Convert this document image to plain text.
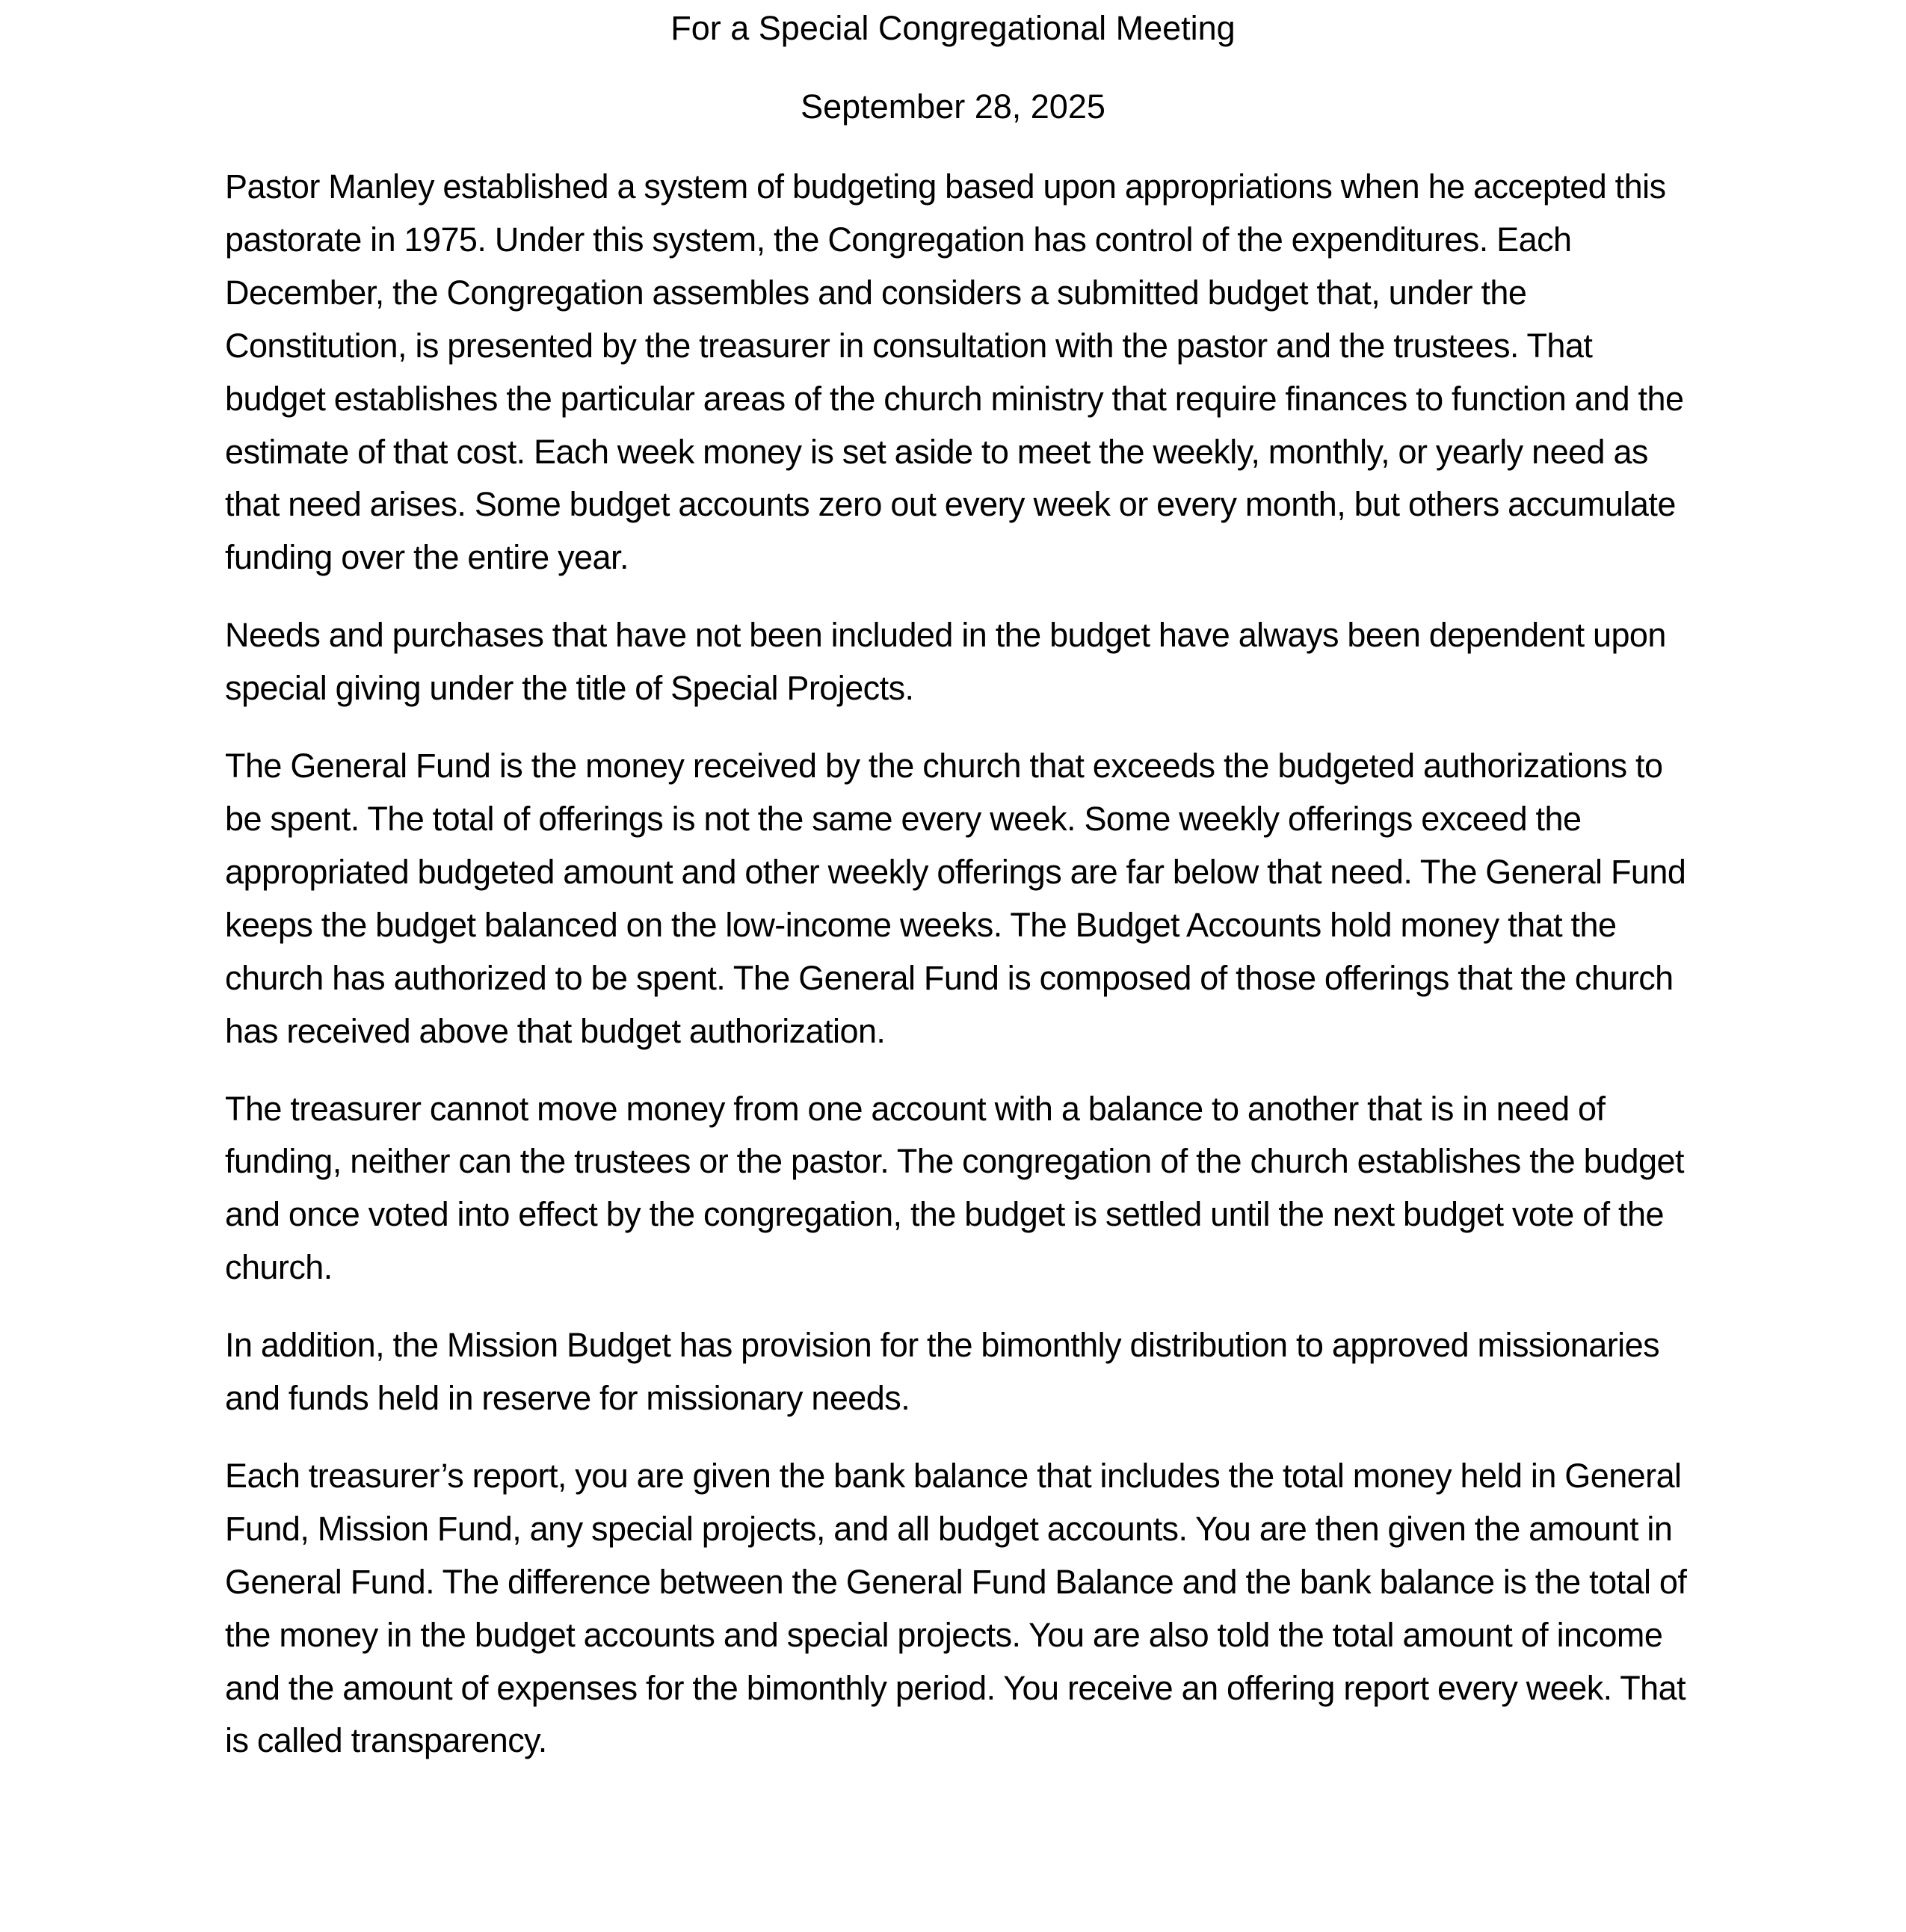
For a Special Congregational Meeting
September 28, 2025

Pastor Manley established a system of budgeting based upon appropriations when he accepted this pastorate in 1975. Under this system, the Congregation has control of the expenditures. Each December, the Congregation assembles and considers a submitted budget that, under the Constitution, is presented by the treasurer in consultation with the pastor and the trustees. That budget establishes the particular areas of the church ministry that require finances to function and the estimate of that cost. Each week money is set aside to meet the weekly, monthly, or yearly need as that need arises. Some budget accounts zero out every week or every month, but others accumulate funding over the entire year.

Needs and purchases that have not been included in the budget have always been dependent upon special giving under the title of Special Projects.

The General Fund is the money received by the church that exceeds the budgeted authorizations to be spent. The total of offerings is not the same every week. Some weekly offerings exceed the appropriated budgeted amount and other weekly offerings are far below that need. The General Fund keeps the budget balanced on the low-income weeks. The Budget Accounts hold money that the church has authorized to be spent. The General Fund is composed of those offerings that the church has received above that budget authorization.

The treasurer cannot move money from one account with a balance to another that is in need of funding, neither can the trustees or the pastor. The congregation of the church establishes the budget and once voted into effect by the congregation, the budget is settled until the next budget vote of the church.

In addition, the Mission Budget has provision for the bimonthly distribution to approved missionaries and funds held in reserve for missionary needs.

Each treasurer’s report, you are given the bank balance that includes the total money held in General Fund, Mission Fund, any special projects, and all budget accounts. You are then given the amount in General Fund. The difference between the General Fund Balance and the bank balance is the total of the money in the budget accounts and special projects. You are also told the total amount of income and the amount of expenses for the bimonthly period. You receive an offering report every week. That is called transparency.
